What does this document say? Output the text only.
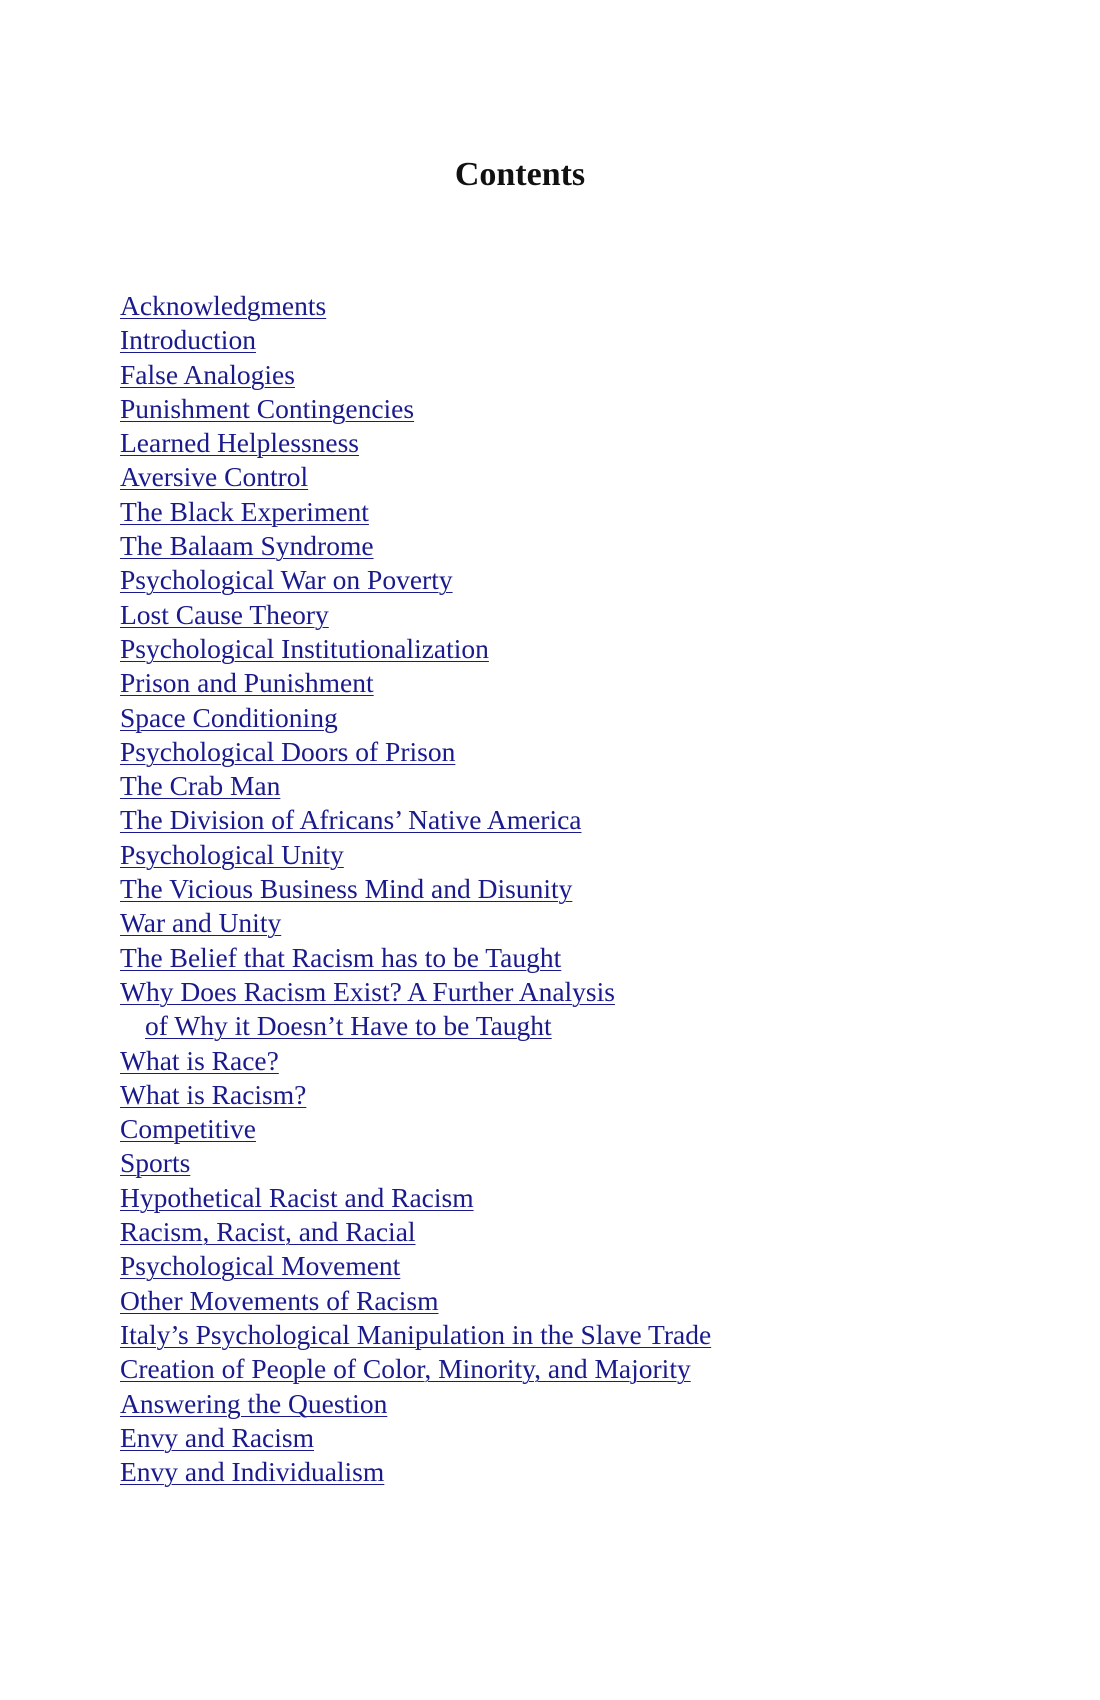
Contents
Acknowledgments
Introduction
False Analogies
Punishment Contingencies
Learned Helplessness
Aversive Control
The Black Experiment
The Balaam Syndrome
Psychological War on Poverty
Lost Cause Theory
Psychological Institutionalization
Prison and Punishment
Space Conditioning
Psychological Doors of Prison
The Crab Man
The Division of Africans’ Native America
Psychological Unity
The Vicious Business Mind and Disunity
War and Unity
The Belief that Racism has to be Taught
Why Does Racism Exist? A Further Analysis
of Why it Doesn’t Have to be Taught
What is Race?
What is Racism?
Competitive
Sports
Hypothetical Racist and Racism
Racism, Racist, and Racial
Psychological Movement
Other Movements of Racism
Italy’s Psychological Manipulation in the Slave Trade
Creation of People of Color, Minority, and Majority
Answering the Question
Envy and Racism
Envy and Individualism
